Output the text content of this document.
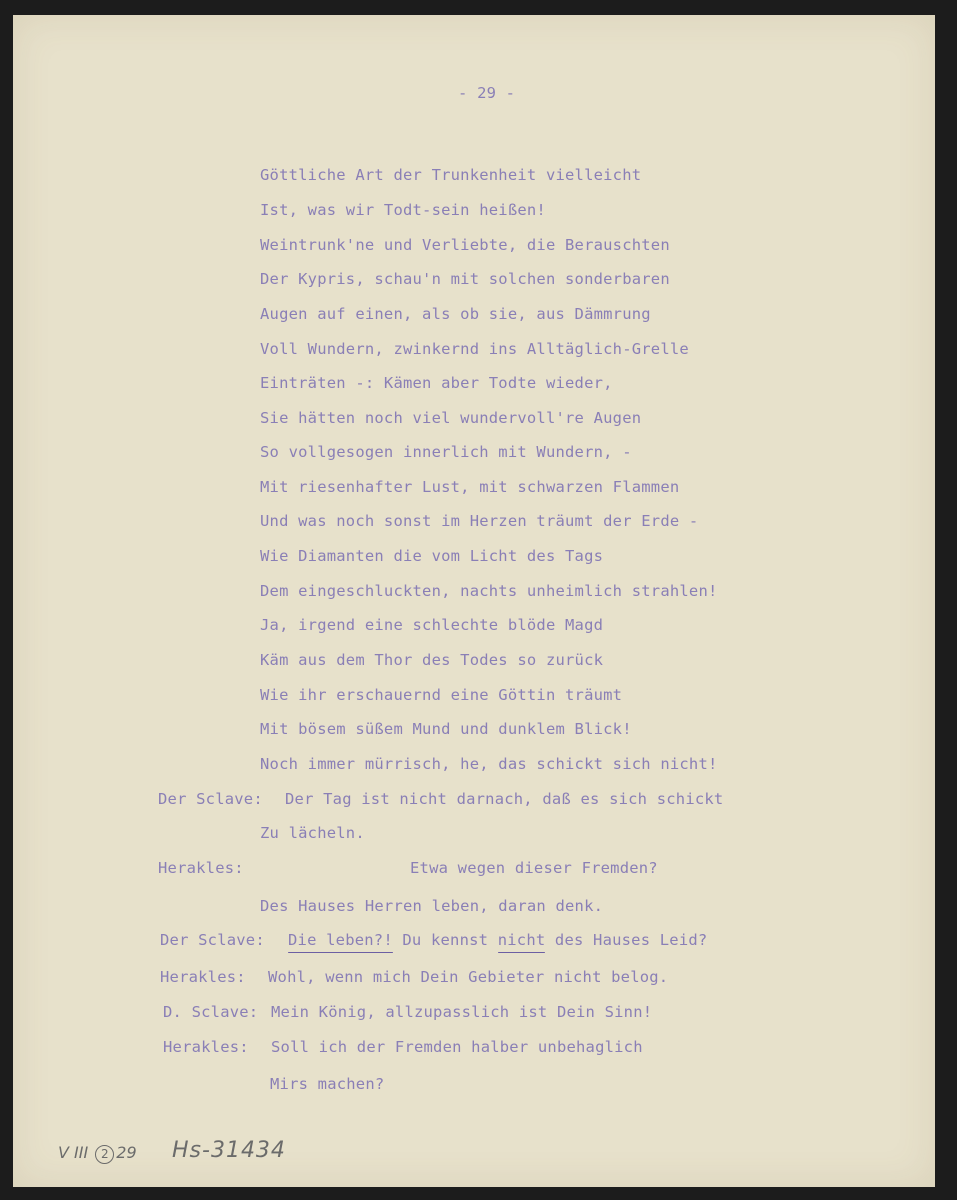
- 29 -
Göttliche Art der Trunkenheit vielleicht
Ist, was wir Todt-sein heißen!
Weintrunk'ne und Verliebte, die Berauschten
Der Kypris, schau'n mit solchen sonderbaren
Augen auf einen, als ob sie, aus Dämmrung
Voll Wundern, zwinkernd ins Alltäglich-Grelle
Einträten -: Kämen aber Todte wieder,
Sie hätten noch viel wundervoll're Augen
So vollgesogen innerlich mit Wundern, -
Mit riesenhafter Lust, mit schwarzen Flammen
Und was noch sonst im Herzen träumt der Erde -
Wie Diamanten die vom Licht des Tags
Dem eingeschluckten, nachts unheimlich strahlen!
Ja, irgend eine schlechte blöde Magd
Käm aus dem Thor des Todes so zurück
Wie ihr erschauernd eine Göttin träumt
Mit bösem süßem Mund und dunklem Blick!
Noch immer mürrisch, he, das schickt sich nicht!
Der Sclave: Der Tag ist nicht darnach, daß es sich schickt
Zu lächeln.
Herakles:	Etwa wegen dieser Fremden?
Des Hauses Herren leben, daran denk.
Der Sclave: Die leben?! Du kennst nicht des Hauses Leid?
Herakles: Wohl, wenn mich Dein Gebieter nicht belog.
D. Sclave: Mein König, allzupasslich ist Dein Sinn!
Herakles: Soll ich der Fremden halber unbehaglich
Mirs machen?
V III 2 29 Hs-31434
